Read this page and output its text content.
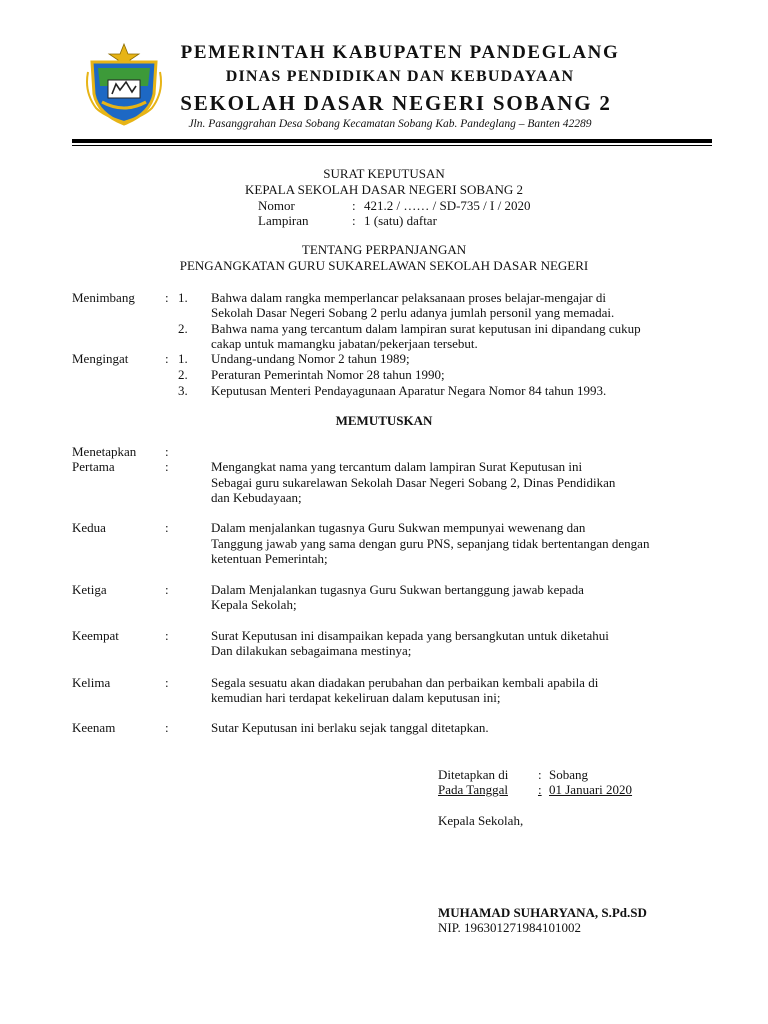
PEMERINTAH KABUPATEN PANDEGLANG
DINAS PENDIDIKAN DAN KEBUDAYAAN
SEKOLAH DASAR NEGERI SOBANG 2
Jln. Pasanggrahan Desa Sobang Kecamatan Sobang Kab. Pandeglang – Banten 42289
SURAT KEPUTUSAN
KEPALA SEKOLAH DASAR NEGERI SOBANG 2
Nomor	: 421.2 / …… / SD-735 / I / 2020
Lampiran	: 1 (satu) daftar
TENTANG PERPANJANGAN
PENGANGKATAN GURU SUKARELAWAN SEKOLAH DASAR NEGERI
Menimbang : 1. Bahwa dalam rangka memperlancar pelaksanaan proses belajar-mengajar di
Sekolah Dasar Negeri Sobang 2 perlu adanya jumlah personil yang memadai.
2. Bahwa nama yang tercantum dalam lampiran surat keputusan ini dipandang cukup
cakap untuk mamangku jabatan/pekerjaan tersebut.
Mengingat	: 1. Undang-undang Nomor 2 tahun 1989;
2. Peraturan Pemerintah Nomor 28 tahun 1990;
3. Keputusan Menteri Pendayagunaan Aparatur Negara Nomor 84 tahun 1993.
MEMUTUSKAN
Menetapkan :
Pertama	:	Mengangkat nama yang tercantum dalam lampiran Surat Keputusan ini
Sebagai guru sukarelawan Sekolah Dasar Negeri Sobang 2, Dinas Pendidikan
dan Kebudayaan;
Kedua	:	Dalam menjalankan tugasnya Guru Sukwan mempunyai wewenang dan
Tanggung jawab yang sama dengan guru PNS, sepanjang tidak bertentangan dengan
ketentuan Pemerintah;
Ketiga	:	Dalam Menjalankan tugasnya Guru Sukwan bertanggung jawab kepada
Kepala Sekolah;
Keempat	:	Surat Keputusan ini disampaikan kepada yang bersangkutan untuk diketahui
Dan dilakukan sebagaimana mestinya;
Kelima	:	Segala sesuatu akan diadakan perubahan dan perbaikan kembali apabila di
kemudian hari terdapat kekeliruan dalam keputusan ini;
Keenam	:	Sutar Keputusan ini berlaku sejak tanggal ditetapkan.
Ditetapkan di : Sobang
Pada Tanggal : 01 Januari 2020
Kepala Sekolah,
MUHAMAD SUHARYANA, S.Pd.SD
NIP. 196301271984101002
